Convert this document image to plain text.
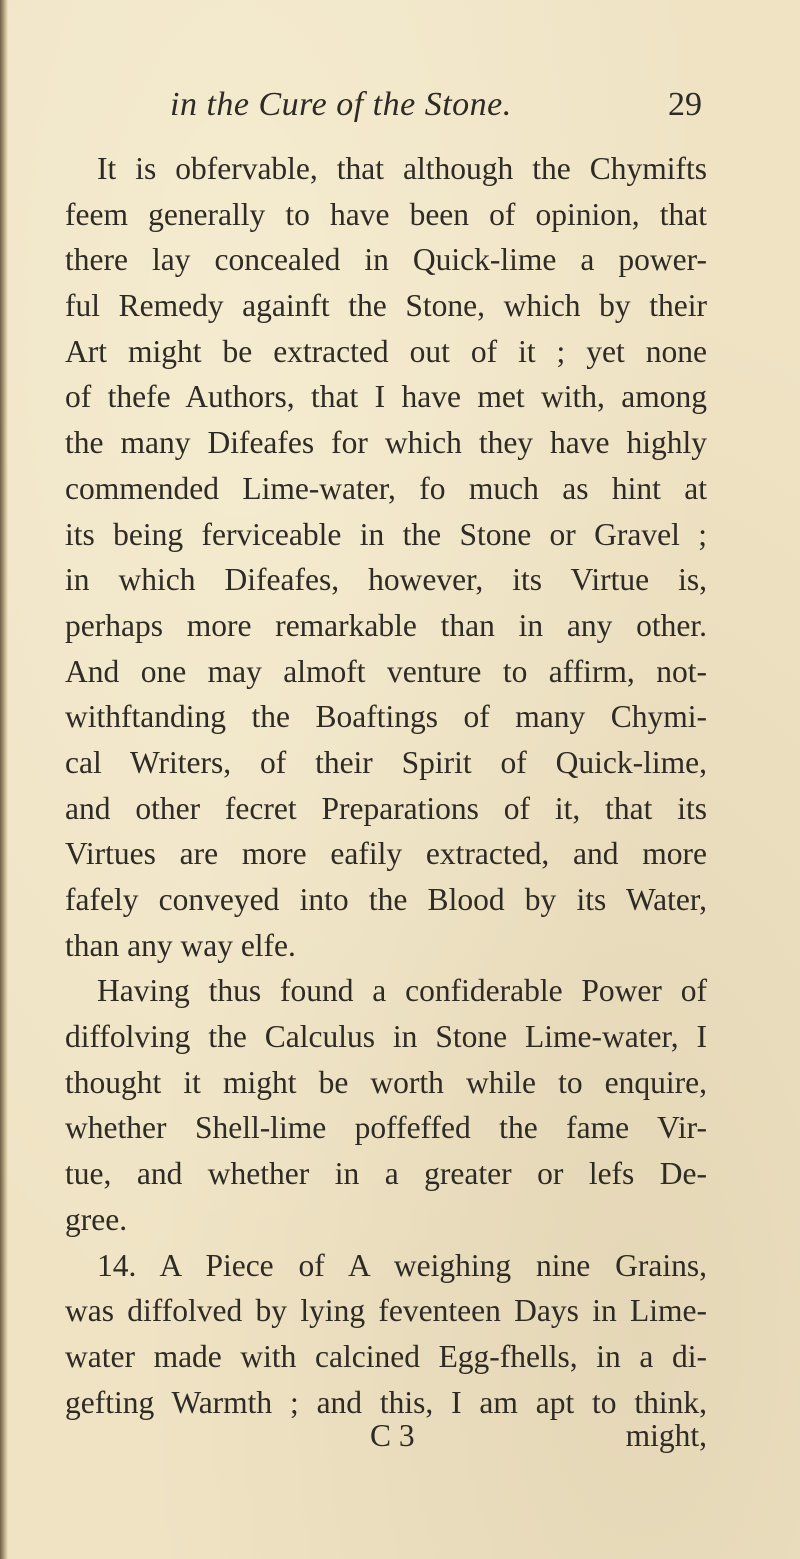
in the Cure of the Stone.	29
It is obfervable, that although the Chymifts
feem generally to have been of opinion, that
there lay concealed in Quick-lime a power-
ful Remedy againft the Stone, which by their
Art might be extracted out of it ; yet none
of thefe Authors, that I have met with, among
the many Difeafes for which they have highly
commended Lime-water, fo much as hint at
its being ferviceable in the Stone or Gravel ;
in which Difeafes, however, its Virtue is,
perhaps more remarkable than in any other.
And one may almoft venture to affirm, not-
withftanding the Boaftings of many Chymi-
cal Writers, of their Spirit of Quick-lime,
and other fecret Preparations of it, that its
Virtues are more eafily extracted, and more
fafely conveyed into the Blood by its Water,
than any way elfe.
Having thus found a confiderable Power of
diffolving the Calculus in Stone Lime-water, I
thought it might be worth while to enquire,
whether Shell-lime poffeffed the fame Vir-
tue, and whether in a greater or lefs De-
gree.
14. A Piece of A weighing nine Grains,
was diffolved by lying feventeen Days in Lime-
water made with calcined Egg-fhells, in a di-
gefting Warmth ; and this, I am apt to think,
C 3	might,
